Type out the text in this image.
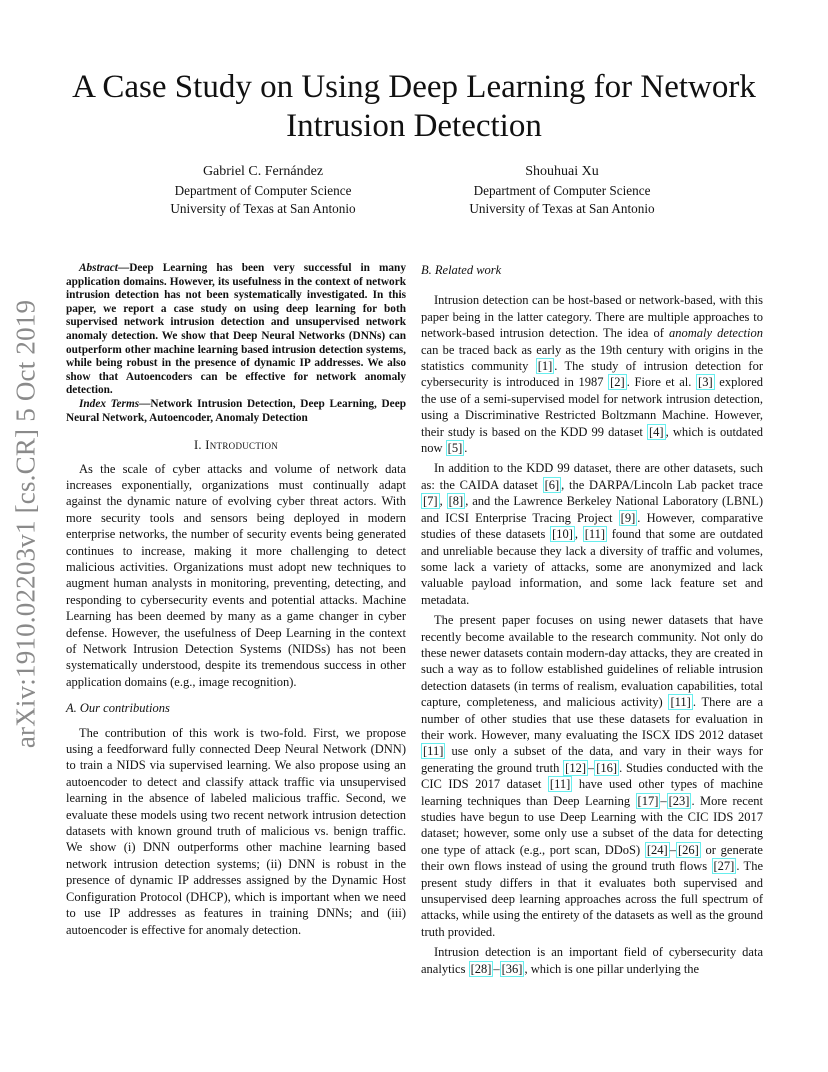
arXiv:1910.02203v1 [cs.CR] 5 Oct 2019
A Case Study on Using Deep Learning for Network Intrusion Detection
Gabriel C. Fernández
Department of Computer Science
University of Texas at San Antonio
Shouhuai Xu
Department of Computer Science
University of Texas at San Antonio

Abstract—Deep Learning has been very successful in many application domains. However, its usefulness in the context of network intrusion detection has not been systematically investigated. In this paper, we report a case study on using deep learning for both supervised network intrusion detection and unsupervised network anomaly detection. We show that Deep Neural Networks (DNNs) can outperform other machine learning based intrusion detection systems, while being robust in the presence of dynamic IP addresses. We also show that Autoencoders can be effective for network anomaly detection.

Index Terms—Network Intrusion Detection, Deep Learning, Deep Neural Network, Autoencoder, Anomaly Detection

I. Introduction

As the scale of cyber attacks and volume of network data increases exponentially, organizations must continually adapt against the dynamic nature of evolving cyber threat actors. With more security tools and sensors being deployed in modern enterprise networks, the number of security events being generated continues to increase, making it more challenging to detect malicious activities. Organizations must adopt new techniques to augment human analysts in monitoring, preventing, detecting, and responding to cybersecurity events and potential attacks. Machine Learning has been deemed by many as a game changer in cyber defense. However, the usefulness of Deep Learning in the context of Network Intrusion Detection Systems (NIDSs) has not been systematically understood, despite its tremendous success in other application domains (e.g., image recognition).

A. Our contributions

The contribution of this work is two-fold. First, we propose using a feedforward fully connected Deep Neural Network (DNN) to train a NIDS via supervised learning. We also propose using an autoencoder to detect and classify attack traffic via unsupervised learning in the absence of labeled malicious traffic. Second, we evaluate these models using two recent network intrusion detection datasets with known ground truth of malicious vs. benign traffic. We show (i) DNN outperforms other machine learning based network intrusion detection systems; (ii) DNN is robust in the presence of dynamic IP addresses assigned by the Dynamic Host Configuration Protocol (DHCP), which is important when we need to use IP addresses as features in training DNNs; and (iii) autoencoder is effective for anomaly detection.

B. Related work

Intrusion detection can be host-based or network-based, with this paper being in the latter category. There are multiple approaches to network-based intrusion detection. The idea of anomaly detection can be traced back as early as the 19th century with origins in the statistics community [1] . The study of intrusion detection for cybersecurity is introduced in 1987 [2] . Fiore et al. [3] explored the use of a semi-supervised model for network intrusion detection, using a Discriminative Restricted Boltzmann Machine. However, their study is based on the KDD 99 dataset [4] , which is outdated now [5] .

In addition to the KDD 99 dataset, there are other datasets, such as: the CAIDA dataset [6] , the DARPA/Lincoln Lab packet trace [7] , [8] , and the Lawrence Berkeley National Laboratory (LBNL) and ICSI Enterprise Tracing Project [9] . However, comparative studies of these datasets [10] , [11] found that some are outdated and unreliable because they lack a diversity of traffic and volumes, some lack a variety of attacks, some are anonymized and lack valuable payload information, and some lack feature set and metadata.

The present paper focuses on using newer datasets that have recently become available to the research community. Not only do these newer datasets contain modern-day attacks, they are created in such a way as to follow established guidelines of reliable intrusion detection datasets (in terms of realism, evaluation capabilities, total capture, completeness, and malicious activity) [11] . There are a number of other studies that use these datasets for evaluation in their work. However, many evaluating the ISCX IDS 2012 dataset [11] use only a subset of the data, and vary in their ways for generating the ground truth [12] – [16] . Studies conducted with the CIC IDS 2017 dataset [11] have used other types of machine learning techniques than Deep Learning [17] – [23] . More recent studies have begun to use Deep Learning with the CIC IDS 2017 dataset; however, some only use a subset of the data for detecting one type of attack (e.g., port scan, DDoS) [24] – [26] or generate their own flows instead of using the ground truth flows [27] . The present study differs in that it evaluates both supervised and unsupervised deep learning approaches across the full spectrum of attacks, while using the entirety of the datasets as well as the ground truth provided.

Intrusion detection is an important field of cybersecurity data analytics [28] – [36] , which is one pillar underlying the
